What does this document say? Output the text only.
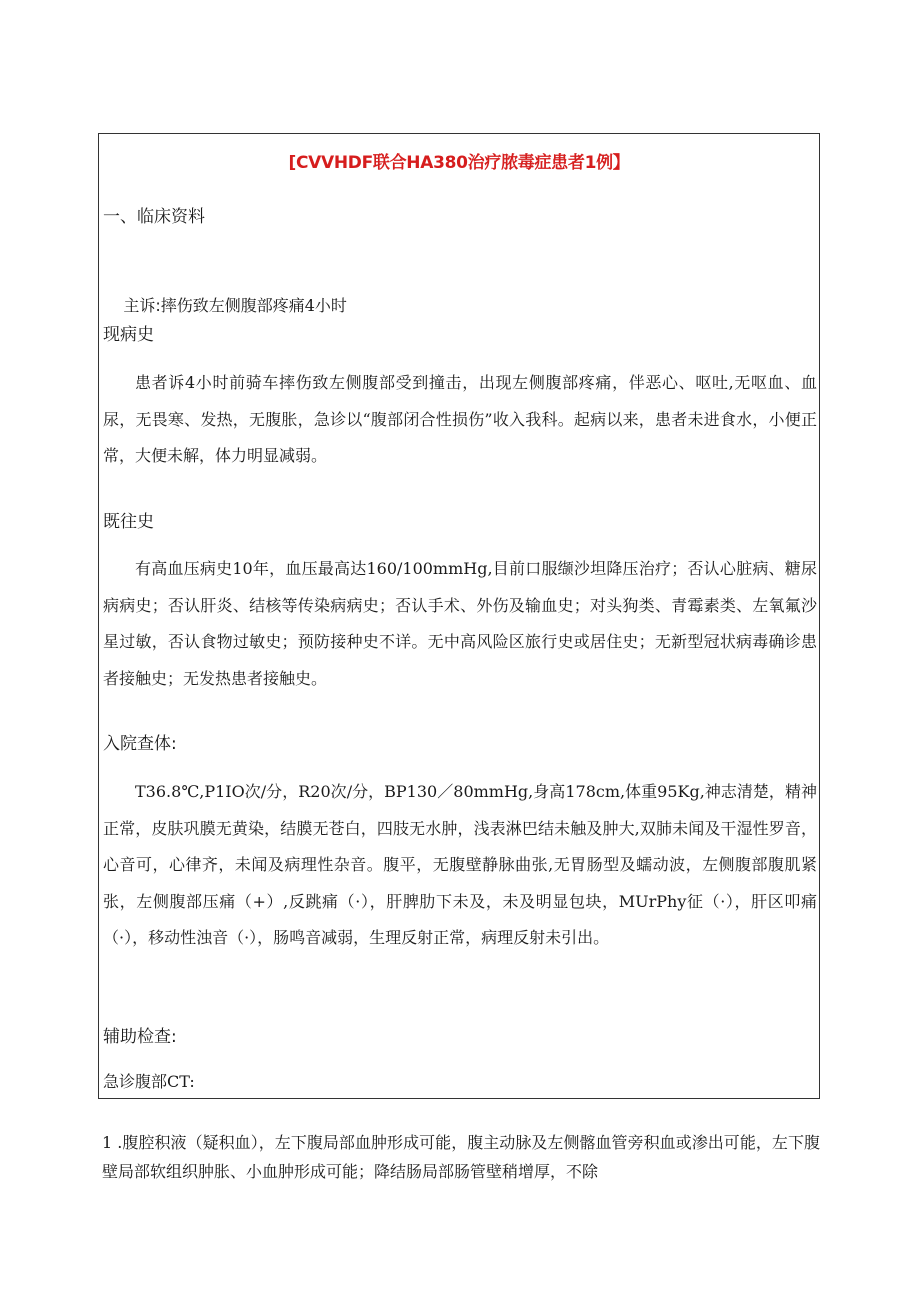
[CVVHDF联合HA380治疗脓毒症患者1例】
一、临床资料

主诉:摔伤致左侧腹部疼痛4小时

现病史
患者诉4小时前骑车摔伤致左侧腹部受到撞击，出现左侧腹部疼痛，伴恶心、呕吐,无呕血、血尿，无畏寒、发热，无腹胀，急诊以“腹部闭合性损伤”收入我科。起病以来，患者未进食水，小便正常，大便未解，体力明显减弱。
既往史
有高血压病史10年，血压最高达160/100mmHg,目前口服缬沙坦降压治疗；否认心脏病、糖尿病病史；否认肝炎、结核等传染病病史；否认手术、外伤及输血史；对头狗类、青霉素类、左氧氟沙星过敏，否认食物过敏史；预防接种史不详。无中高风险区旅行史或居住史；无新型冠状病毒确诊患者接触史；无发热患者接触史。
入院查体:
T36.8℃,P1IO次/分，R20次/分，BP130／80mmHg,身高178cm,体重95Kg,神志清楚，精神正常，皮肤巩膜无黄染，结膜无苍白，四肢无水肿，浅表淋巴结未触及肿大,双肺未闻及干湿性罗音，心音可，心律齐，未闻及病理性杂音。腹平，无腹壁静脉曲张,无胃肠型及蠕动波，左侧腹部腹肌紧张，左侧腹部压痛（+）,反跳痛（·），肝脾肋下未及，未及明显包块，MUrPhy征（·），肝区叩痛（·），移动性浊音（·），肠鸣音减弱，生理反射正常，病理反射未引出。
辅助检查:
急诊腹部CT:
1 .腹腔积液（疑积血），左下腹局部血肿形成可能，腹主动脉及左侧髂血管旁积血或渗出可能，左下腹壁局部软组织肿胀、小血肿形成可能；降结肠局部肠管壁稍增厚，不除
